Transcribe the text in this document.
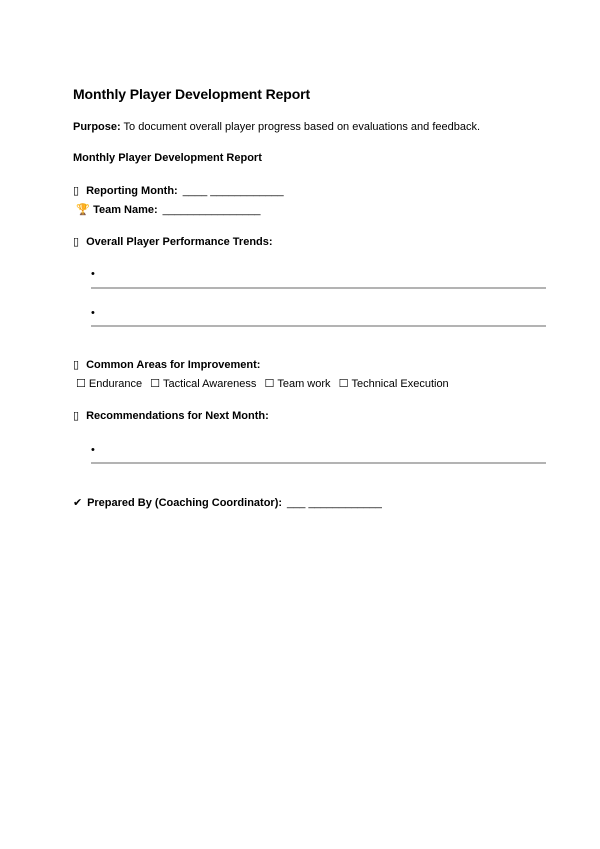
Monthly Player Development Report
Purpose: To document overall player progress based on evaluations and feedback.
Monthly Player Development Report
▯ Reporting Month: ____ ____________
🏆 Team Name: ________________
▯ Overall Player Performance Trends:
•
•
▯ Common Areas for Improvement:
☐ Endurance ☐ Tactical Awareness ☐ Team work ☐ Technical Execution
▯ Recommendations for Next Month:
•
✔ Prepared By (Coaching Coordinator): ___ ____________
